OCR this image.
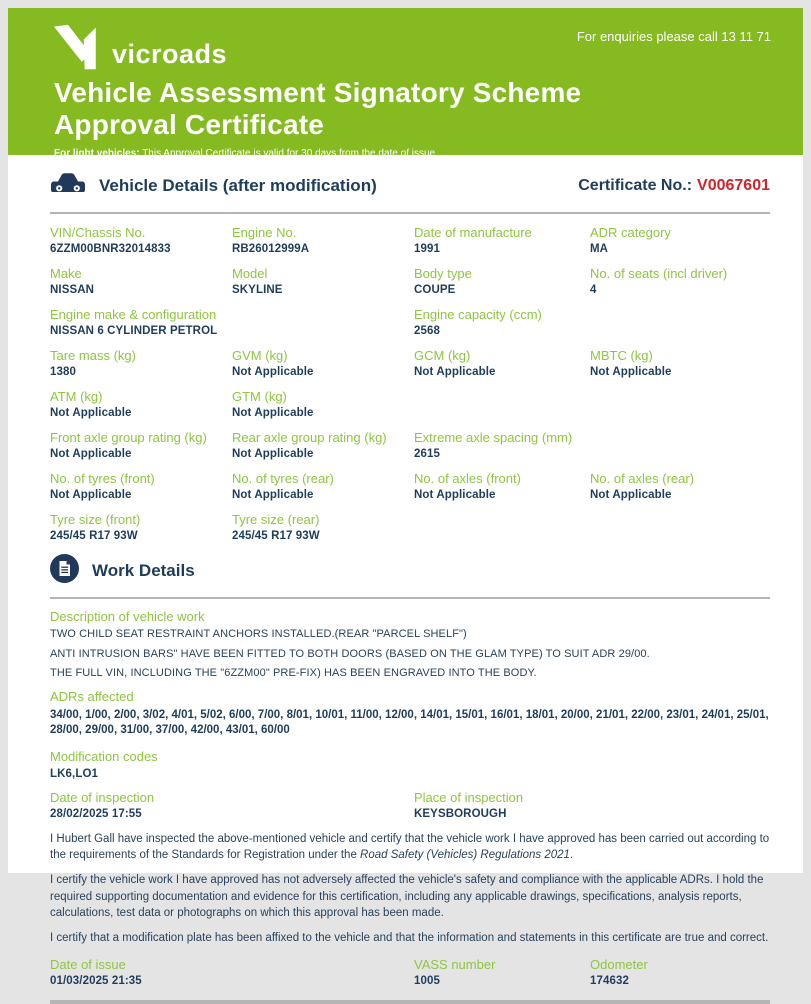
vicroads
For enquiries please call 13 11 71
Vehicle Assessment Signatory Scheme
Approval Certificate
For light vehicles: This Approval Certificate is valid for 30 days from the date of issue.
For heavy vehicles only: The validity of this Approval Certificate will not expire.
Vehicle Details (after modification)	Certificate No.: V0067601
VIN/Chassis No.
6ZZM00BNR32014833
Engine No.
RB26012999A
Date of manufacture
1991
ADR category
MA
Make
NISSAN
Model
SKYLINE
Body type
COUPE
No. of seats (incl driver)
4
Engine make & configuration
NISSAN 6 CYLINDER PETROL
Engine capacity (ccm)
2568
Tare mass (kg)
1380
GVM (kg)
Not Applicable
GCM (kg)
Not Applicable
MBTC (kg)
Not Applicable
ATM (kg)
Not Applicable
GTM (kg)
Not Applicable
Front axle group rating (kg)
Not Applicable
Rear axle group rating (kg)
Not Applicable
Extreme axle spacing (mm)
2615
No. of tyres (front)
Not Applicable
No. of tyres (rear)
Not Applicable
No. of axles (front)
Not Applicable
No. of axles (rear)
Not Applicable
Tyre size (front)
245/45 R17 93W
Tyre size (rear)
245/45 R17 93W
Work Details
Description of vehicle work
TWO CHILD SEAT RESTRAINT ANCHORS INSTALLED.(REAR "PARCEL SHELF")
ANTI INTRUSION BARS" HAVE BEEN FITTED TO BOTH DOORS (BASED ON THE GLAM TYPE) TO SUIT ADR 29/00.
THE FULL VIN, INCLUDING THE "6ZZM00" PRE-FIX) HAS BEEN ENGRAVED INTO THE BODY.
ADRs affected
34/00, 1/00, 2/00, 3/02, 4/01, 5/02, 6/00, 7/00, 8/01, 10/01, 11/00, 12/00, 14/01, 15/01, 16/01, 18/01, 20/00, 21/01, 22/00, 23/01, 24/01, 25/01, 28/00, 29/00, 31/00, 37/00, 42/00, 43/01, 60/00
Modification codes
LK6,LO1
Date of inspection
28/02/2025 17:55
Place of inspection
KEYSBOROUGH
I Hubert Gall have inspected the above-mentioned vehicle and certify that the vehicle work I have approved has been carried out according to the requirements of the Standards for Registration under the Road Safety (Vehicles) Regulations 2021.
I certify the vehicle work I have approved has not adversely affected the vehicle's safety and compliance with the applicable ADRs. I hold the required supporting documentation and evidence for this certification, including any applicable drawings, specifications, analysis reports, calculations, test data or photographs on which this approval has been made.
I certify that a modification plate has been affixed to the vehicle and that the information and statements in this certificate are true and correct.
Date of issue
01/03/2025 21:35
VASS number
1005
Odometer
174632
